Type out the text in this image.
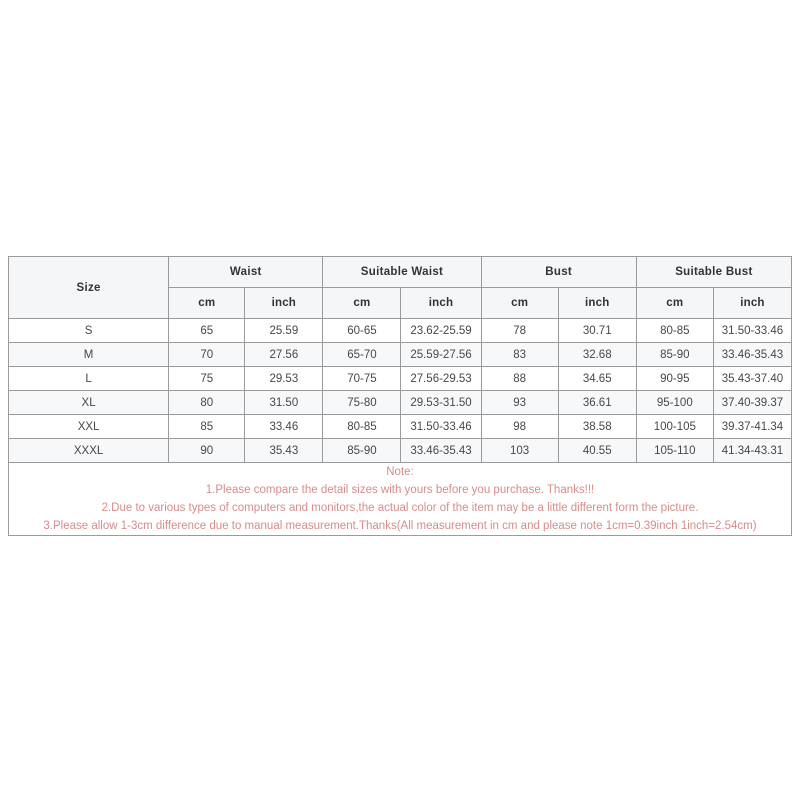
Size	Waist		Suitable Waist		Bust		Suitable Bust	
	cm	inch	cm	inch	cm	inch	cm	inch
S	65	25.59	60-65	23.62-25.59	78	30.71	80-85	31.50-33.46
M	70	27.56	65-70	25.59-27.56	83	32.68	85-90	33.46-35.43
L	75	29.53	70-75	27.56-29.53	88	34.65	90-95	35.43-37.40
XL	80	31.50	75-80	29.53-31.50	93	36.61	95-100	37.40-39.37
XXL	85	33.46	80-85	31.50-33.46	98	38.58	100-105	39.37-41.34
XXXL	90	35.43	85-90	33.46-35.43	103	40.55	105-110	41.34-43.31

Note:
1.Please compare the detail sizes with yours before you purchase. Thanks!!!
2.Due to various types of computers and monitors,the actual color of the item may be a little different form the picture.
3.Please allow 1-3cm difference due to manual measurement.Thanks(All measurement in cm and please note 1cm=0.39inch 1inch=2.54cm)								
